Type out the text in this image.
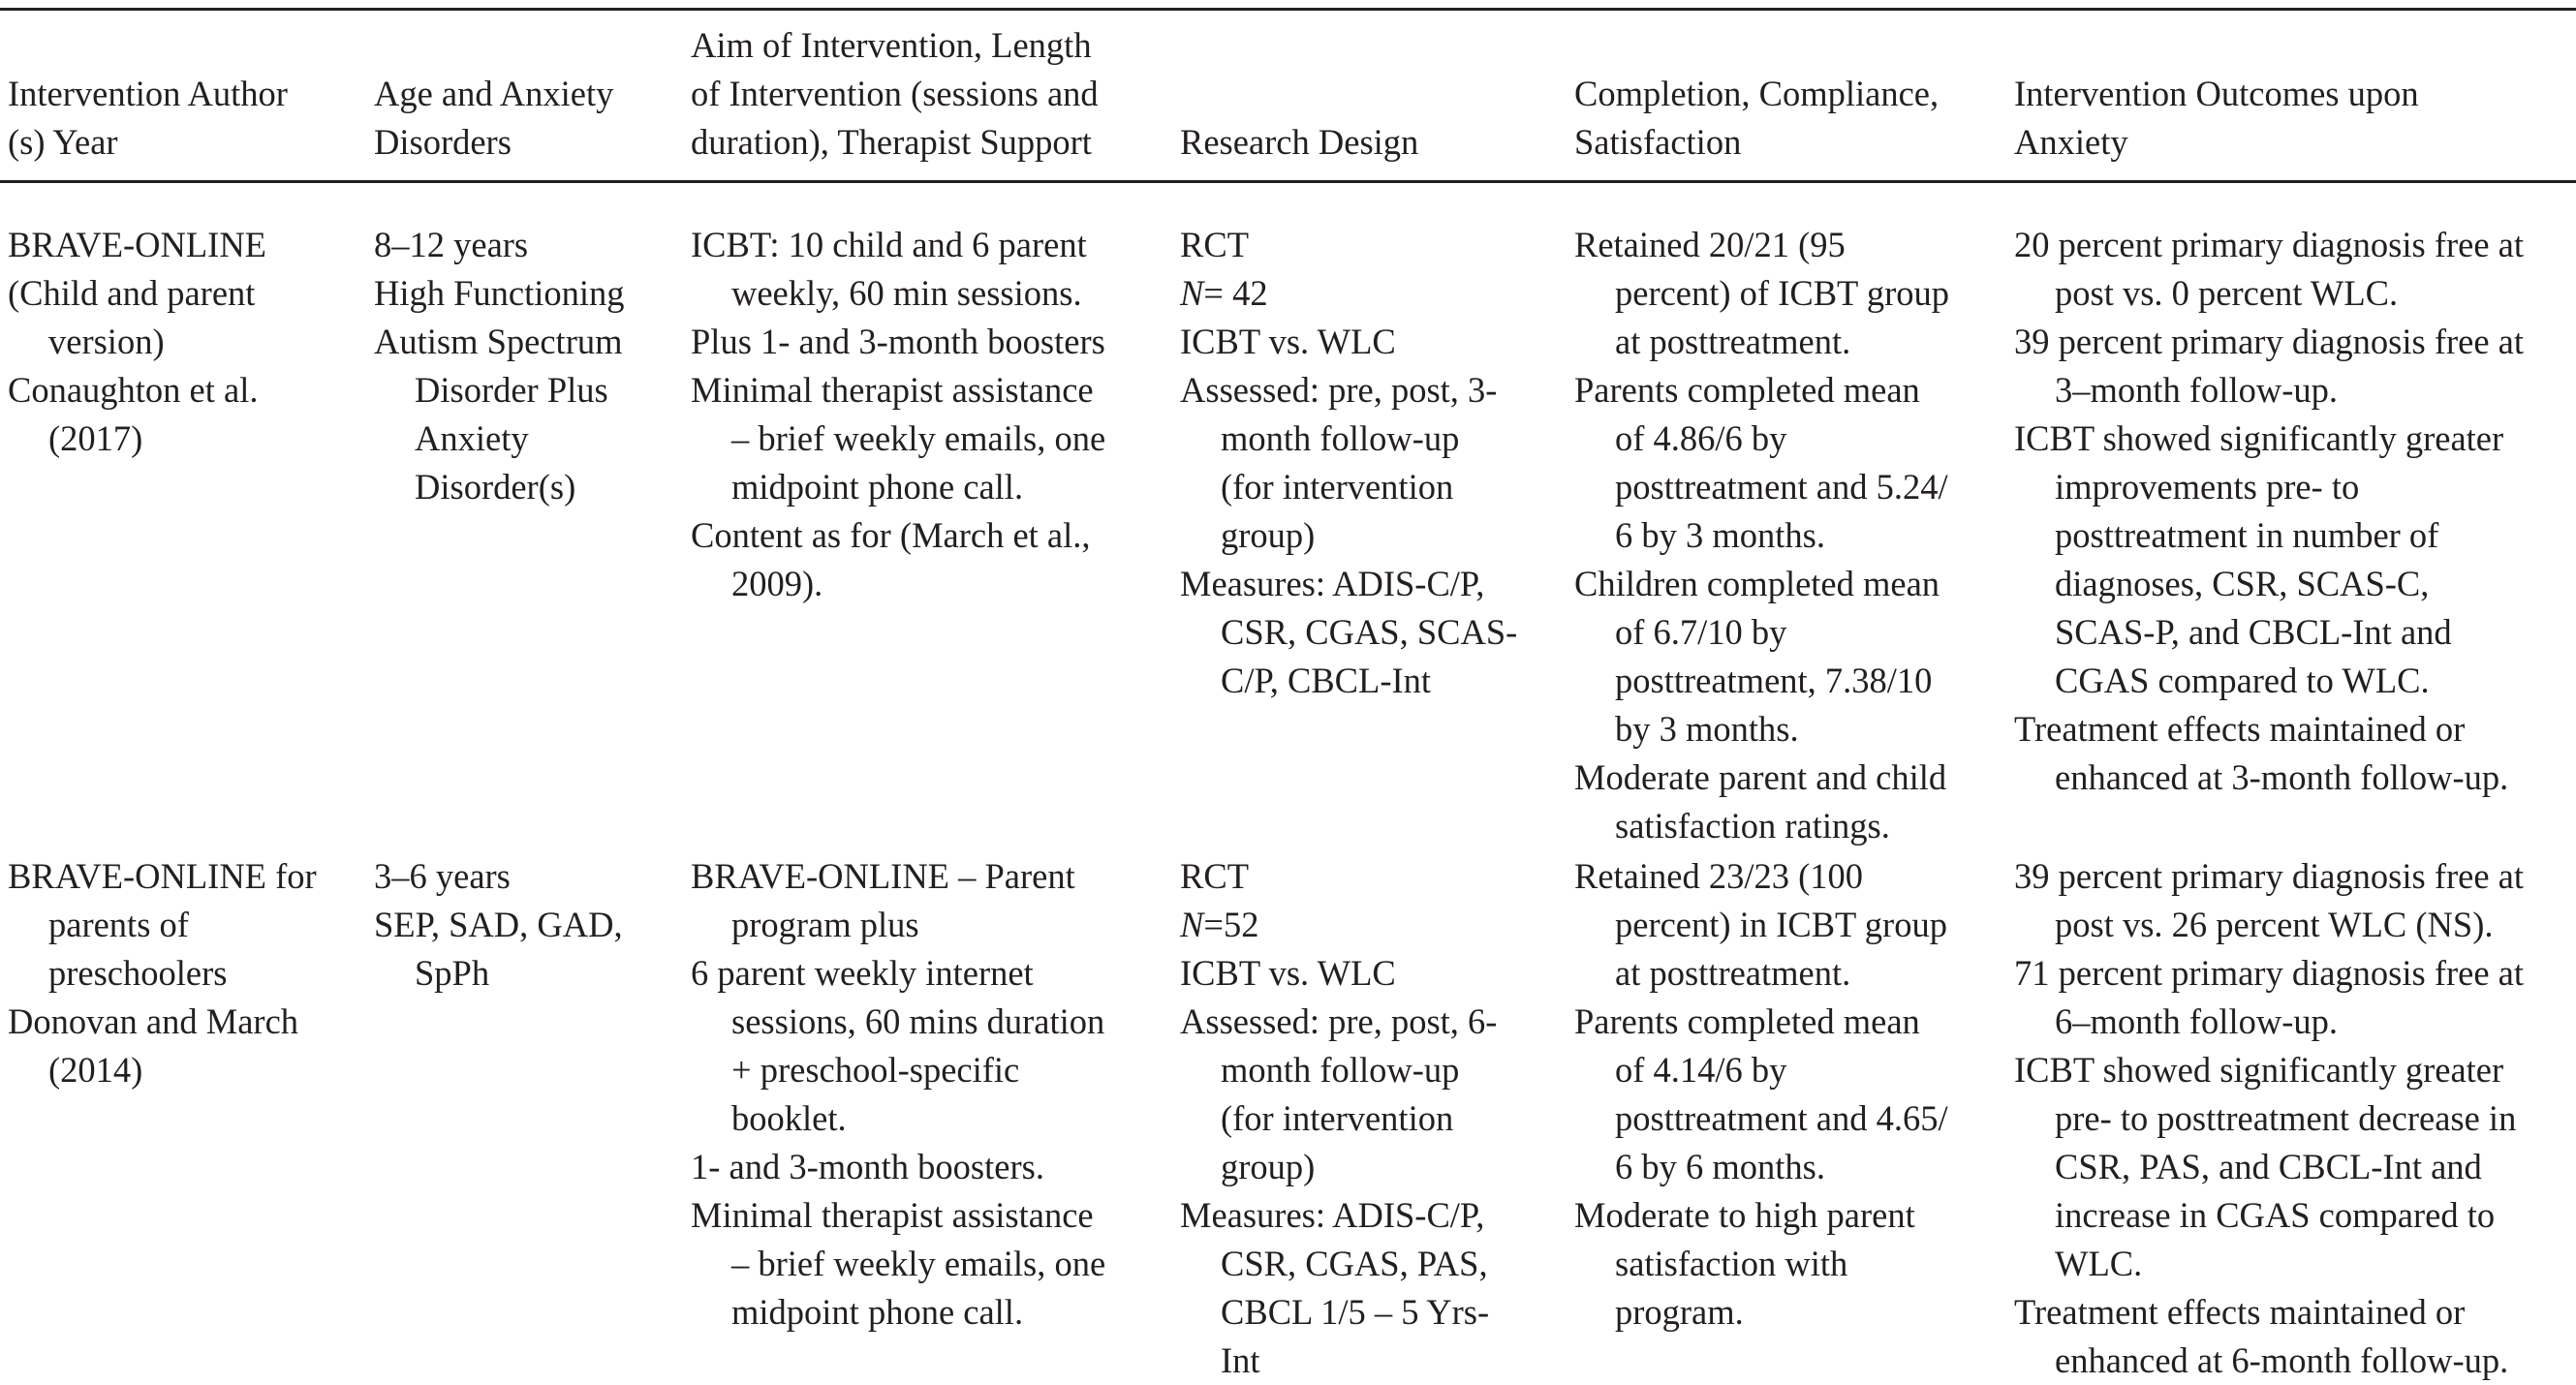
Intervention Author
(s) Year
Age and Anxiety
Disorders
Aim of Intervention, Length
of Intervention (sessions and
duration), Therapist Support Research Design
Completion, Compliance,
Satisfaction
Intervention Outcomes upon
Anxiety
BRAVE-ONLINE
(Child and parent
version)
Conaughton et al.
(2017)
8–12 years
High Functioning
Autism Spectrum
Disorder Plus
Anxiety
Disorder(s)
ICBT: 10 child and 6 parent
weekly, 60 min sessions.
Plus 1- and 3-month boosters
Minimal therapist assistance
– brief weekly emails, one
midpoint phone call.
Content as for (March et al.,
2009).
RCT
N= 42
ICBT vs. WLC
Assessed: pre, post, 3-
month follow-up
(for intervention
group)
Measures: ADIS-C/P,
CSR, CGAS, SCAS-
C/P, CBCL-Int
Retained 20/21 (95
percent) of ICBT group
at posttreatment.
Parents completed mean
of 4.86/6 by
posttreatment and 5.24/
6 by 3 months.
Children completed mean
of 6.7/10 by
posttreatment, 7.38/10
by 3 months.
Moderate parent and child
satisfaction ratings.
20 percent primary diagnosis free at
post vs. 0 percent WLC.
39 percent primary diagnosis free at
3–month follow-up.
ICBT showed significantly greater
improvements pre- to
posttreatment in number of
diagnoses, CSR, SCAS-C,
SCAS-P, and CBCL-Int and
CGAS compared to WLC.
Treatment effects maintained or
enhanced at 3-month follow-up.
BRAVE-ONLINE for
parents of
preschoolers
Donovan and March
(2014)
3–6 years
SEP, SAD, GAD,
SpPh
BRAVE-ONLINE – Parent
program plus
6 parent weekly internet
sessions, 60 mins duration
+ preschool-specific
booklet.
1- and 3-month boosters.
Minimal therapist assistance
– brief weekly emails, one
midpoint phone call.
RCT
N=52
ICBT vs. WLC
Assessed: pre, post, 6-
month follow-up
(for intervention
group)
Measures: ADIS-C/P,
CSR, CGAS, PAS,
CBCL 1/5 – 5 Yrs-
Int
Retained 23/23 (100
percent) in ICBT group
at posttreatment.
Parents completed mean
of 4.14/6 by
posttreatment and 4.65/
6 by 6 months.
Moderate to high parent
satisfaction with
program.
39 percent primary diagnosis free at
post vs. 26 percent WLC (NS).
71 percent primary diagnosis free at
6–month follow-up.
ICBT showed significantly greater
pre- to posttreatment decrease in
CSR, PAS, and CBCL-Int and
increase in CGAS compared to
WLC.
Treatment effects maintained or
enhanced at 6-month follow-up.
